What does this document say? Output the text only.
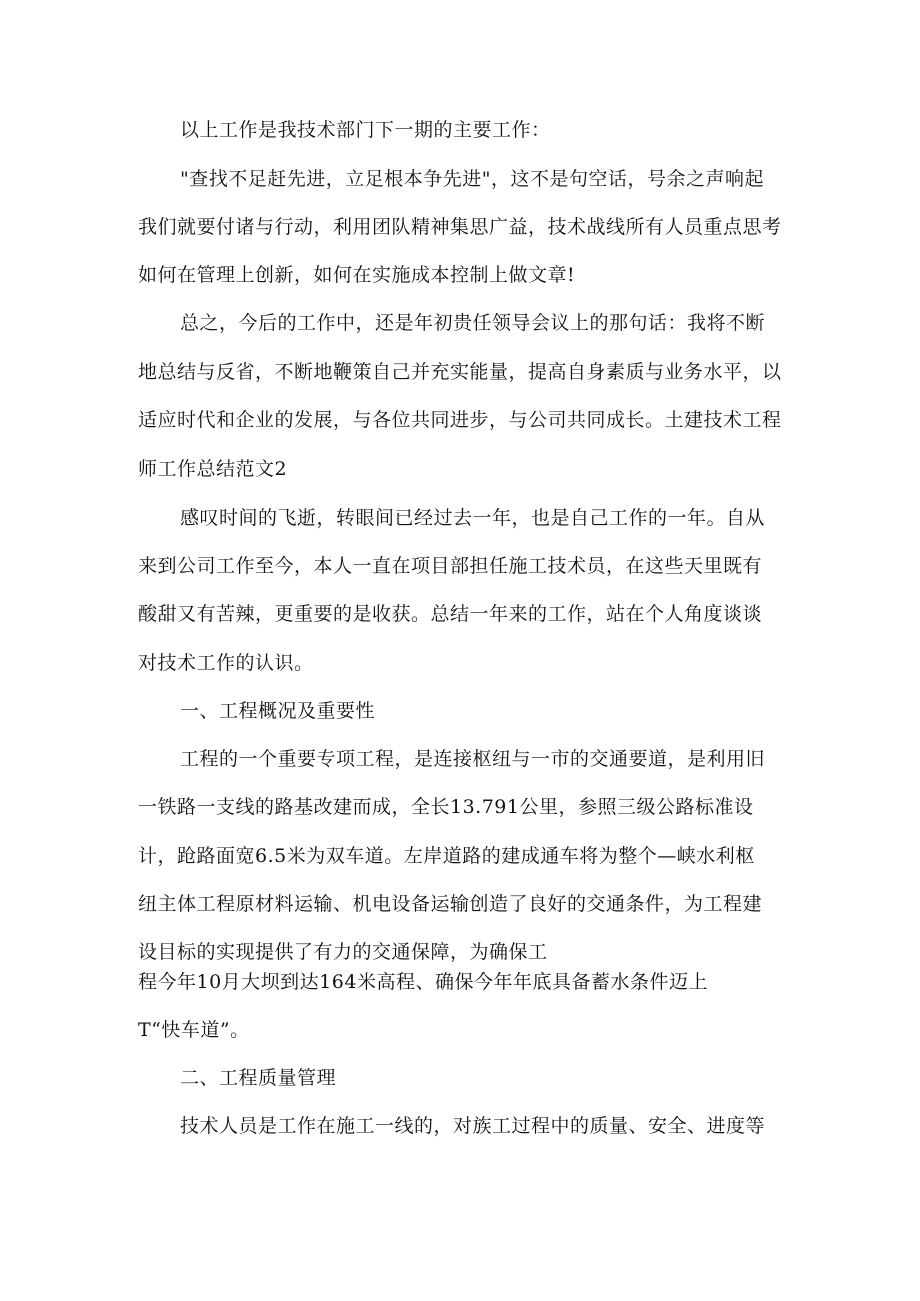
以上工作是我技术部门下一期的主要工作：
"查找不足赶先进，立足根本争先进"，这不是句空话，号余之声响起
我们就要付诸与行动，利用团队精神集思广益，技术战线所有人员重点思考
如何在管理上创新，如何在实施成本控制上做文章!
总之，今后的工作中，还是年初贵任领导会议上的那句话：我将不断
地总结与反省，不断地鞭策自己并充实能量，提高自身素质与业务水平，以
适应时代和企业的发展，与各位共同进步，与公司共同成长。土建技术工程
师工作总结范文2
感叹时间的飞逝，转眼间已经过去一年，也是自己工作的一年。自从
来到公司工作至今，本人一直在项目部担任施工技术员，在这些天里既有
酸甜又有苦辣，更重要的是收获。总结一年来的工作，站在个人角度谈谈
对技术工作的认识。
一、工程概况及重要性
工程的一个重要专项工程，是连接枢纽与一市的交通要道，是利用旧
一铁路一支线的路基改建而成，全长13.791公里，参照三级公路标准设
计，跄路面宽6.5米为双车道。左岸道路的建成通车将为整个—峡水利枢
纽主体工程原材料运输、机电设备运输创造了良好的交通条件，为工程建
设目标的实现提供了有力的交通保障，为确保工
程今年10月大坝到达164米高程、确保今年年底具备蓄水条件迈上
T“快车道”。
二、工程质量管理
技术人员是工作在施工一线的，对族工过程中的质量、安全、进度等
